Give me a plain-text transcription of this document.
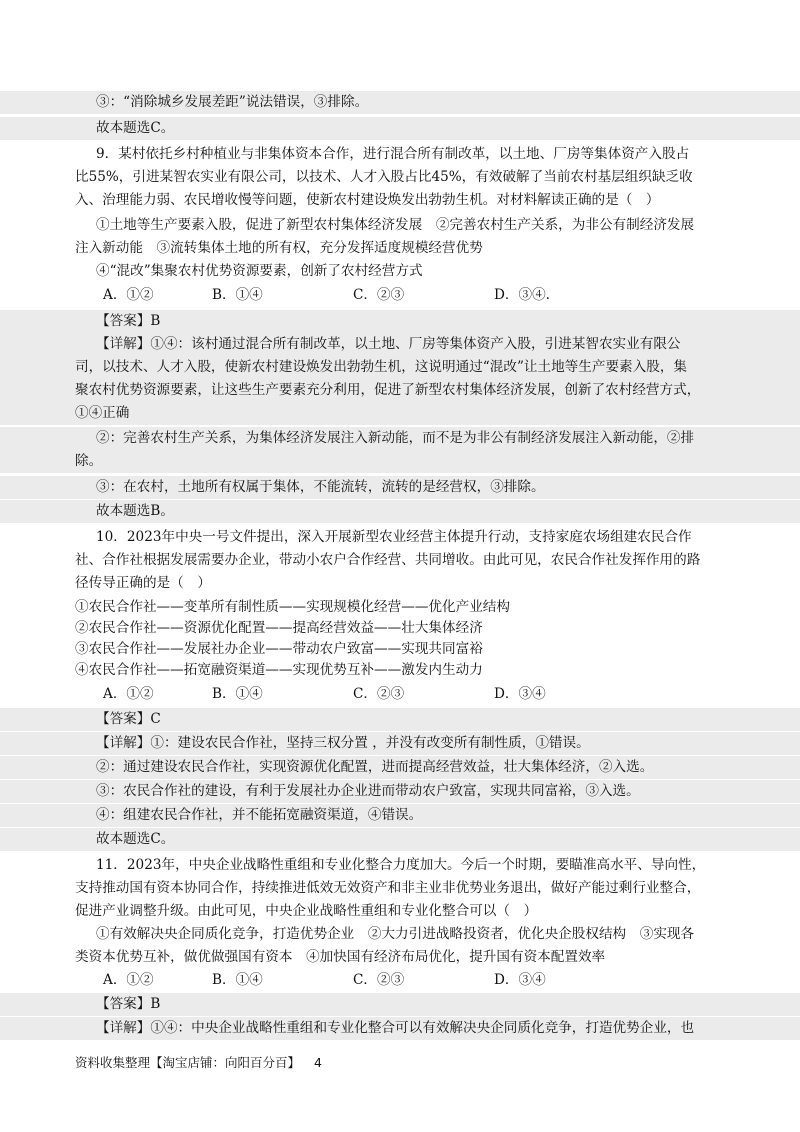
③：“消除城乡发展差距”说法错误，③排除。
故本题选C。
9．某村依托乡村种植业与非集体资本合作，进行混合所有制改革，以土地、厂房等集体资产入股占
比55%，引进某智农实业有限公司，以技术、人才入股占比45%，有效破解了当前农村基层组织缺乏收
入、治理能力弱、农民增收慢等问题，使新农村建设焕发出勃勃生机。对材料解读正确的是（　）
①土地等生产要素入股，促进了新型农村集体经济发展　②完善农村生产关系，为非公有制经济发展
注入新动能　③流转集体土地的所有权，充分发挥适度规模经营优势
④“混改”集聚农村优势资源要素，创新了农村经营方式
A．①②	B．①④	C．②③	D．③④.
【答案】B
【详解】①④：该村通过混合所有制改革，以土地、厂房等集体资产入股，引进某智农实业有限公
司，以技术、人才入股，使新农村建设焕发出勃勃生机，这说明通过“混改”让土地等生产要素入股，集
聚农村优势资源要素，让这些生产要素充分利用，促进了新型农村集体经济发展，创新了农村经营方式，
①④正确
②：完善农村生产关系，为集体经济发展注入新动能，而不是为非公有制经济发展注入新动能，②排
除。
③：在农村，土地所有权属于集体，不能流转，流转的是经营权，③排除。
故本题选B。
10．2023年中央一号文件提出，深入开展新型农业经营主体提升行动，支持家庭农场组建农民合作
社、合作社根据发展需要办企业，带动小农户合作经营、共同增收。由此可见，农民合作社发挥作用的路
径传导正确的是（　）
①农民合作社——变革所有制性质——实现规模化经营——优化产业结构
②农民合作社——资源优化配置——提高经营效益——壮大集体经济
③农民合作社——发展社办企业——带动农户致富——实现共同富裕
④农民合作社——拓宽融资渠道——实现优势互补——激发内生动力
A．①②	B．①④	C．②③	D．③④
【答案】C
【详解】①：建设农民合作社，坚持三权分置 ，并没有改变所有制性质，①错误。
②：通过建设农民合作社，实现资源优化配置，进而提高经营效益，壮大集体经济，②入选。
③：农民合作社的建设，有利于发展社办企业进而带动农户致富，实现共同富裕，③入选。
④：组建农民合作社，并不能拓宽融资渠道，④错误。
故本题选C。
11．2023年，中央企业战略性重组和专业化整合力度加大。今后一个时期，要瞄准高水平、导向性，
支持推动国有资本协同合作，持续推进低效无效资产和非主业非优势业务退出，做好产能过剩行业整合，
促进产业调整升级。由此可见，中央企业战略性重组和专业化整合可以（　）
①有效解决央企同质化竞争，打造优势企业　②大力引进战略投资者，优化央企股权结构　③实现各
类资本优势互补，做优做强国有资本　④加快国有经济布局优化，提升国有资本配置效率
A．①②	B．①④	C．②③	D．③④
【答案】B
【详解】①④：中央企业战略性重组和专业化整合可以有效解决央企同质化竞争，打造优势企业，也
资料收集整理【淘宝店铺：向阳百分百】 4
